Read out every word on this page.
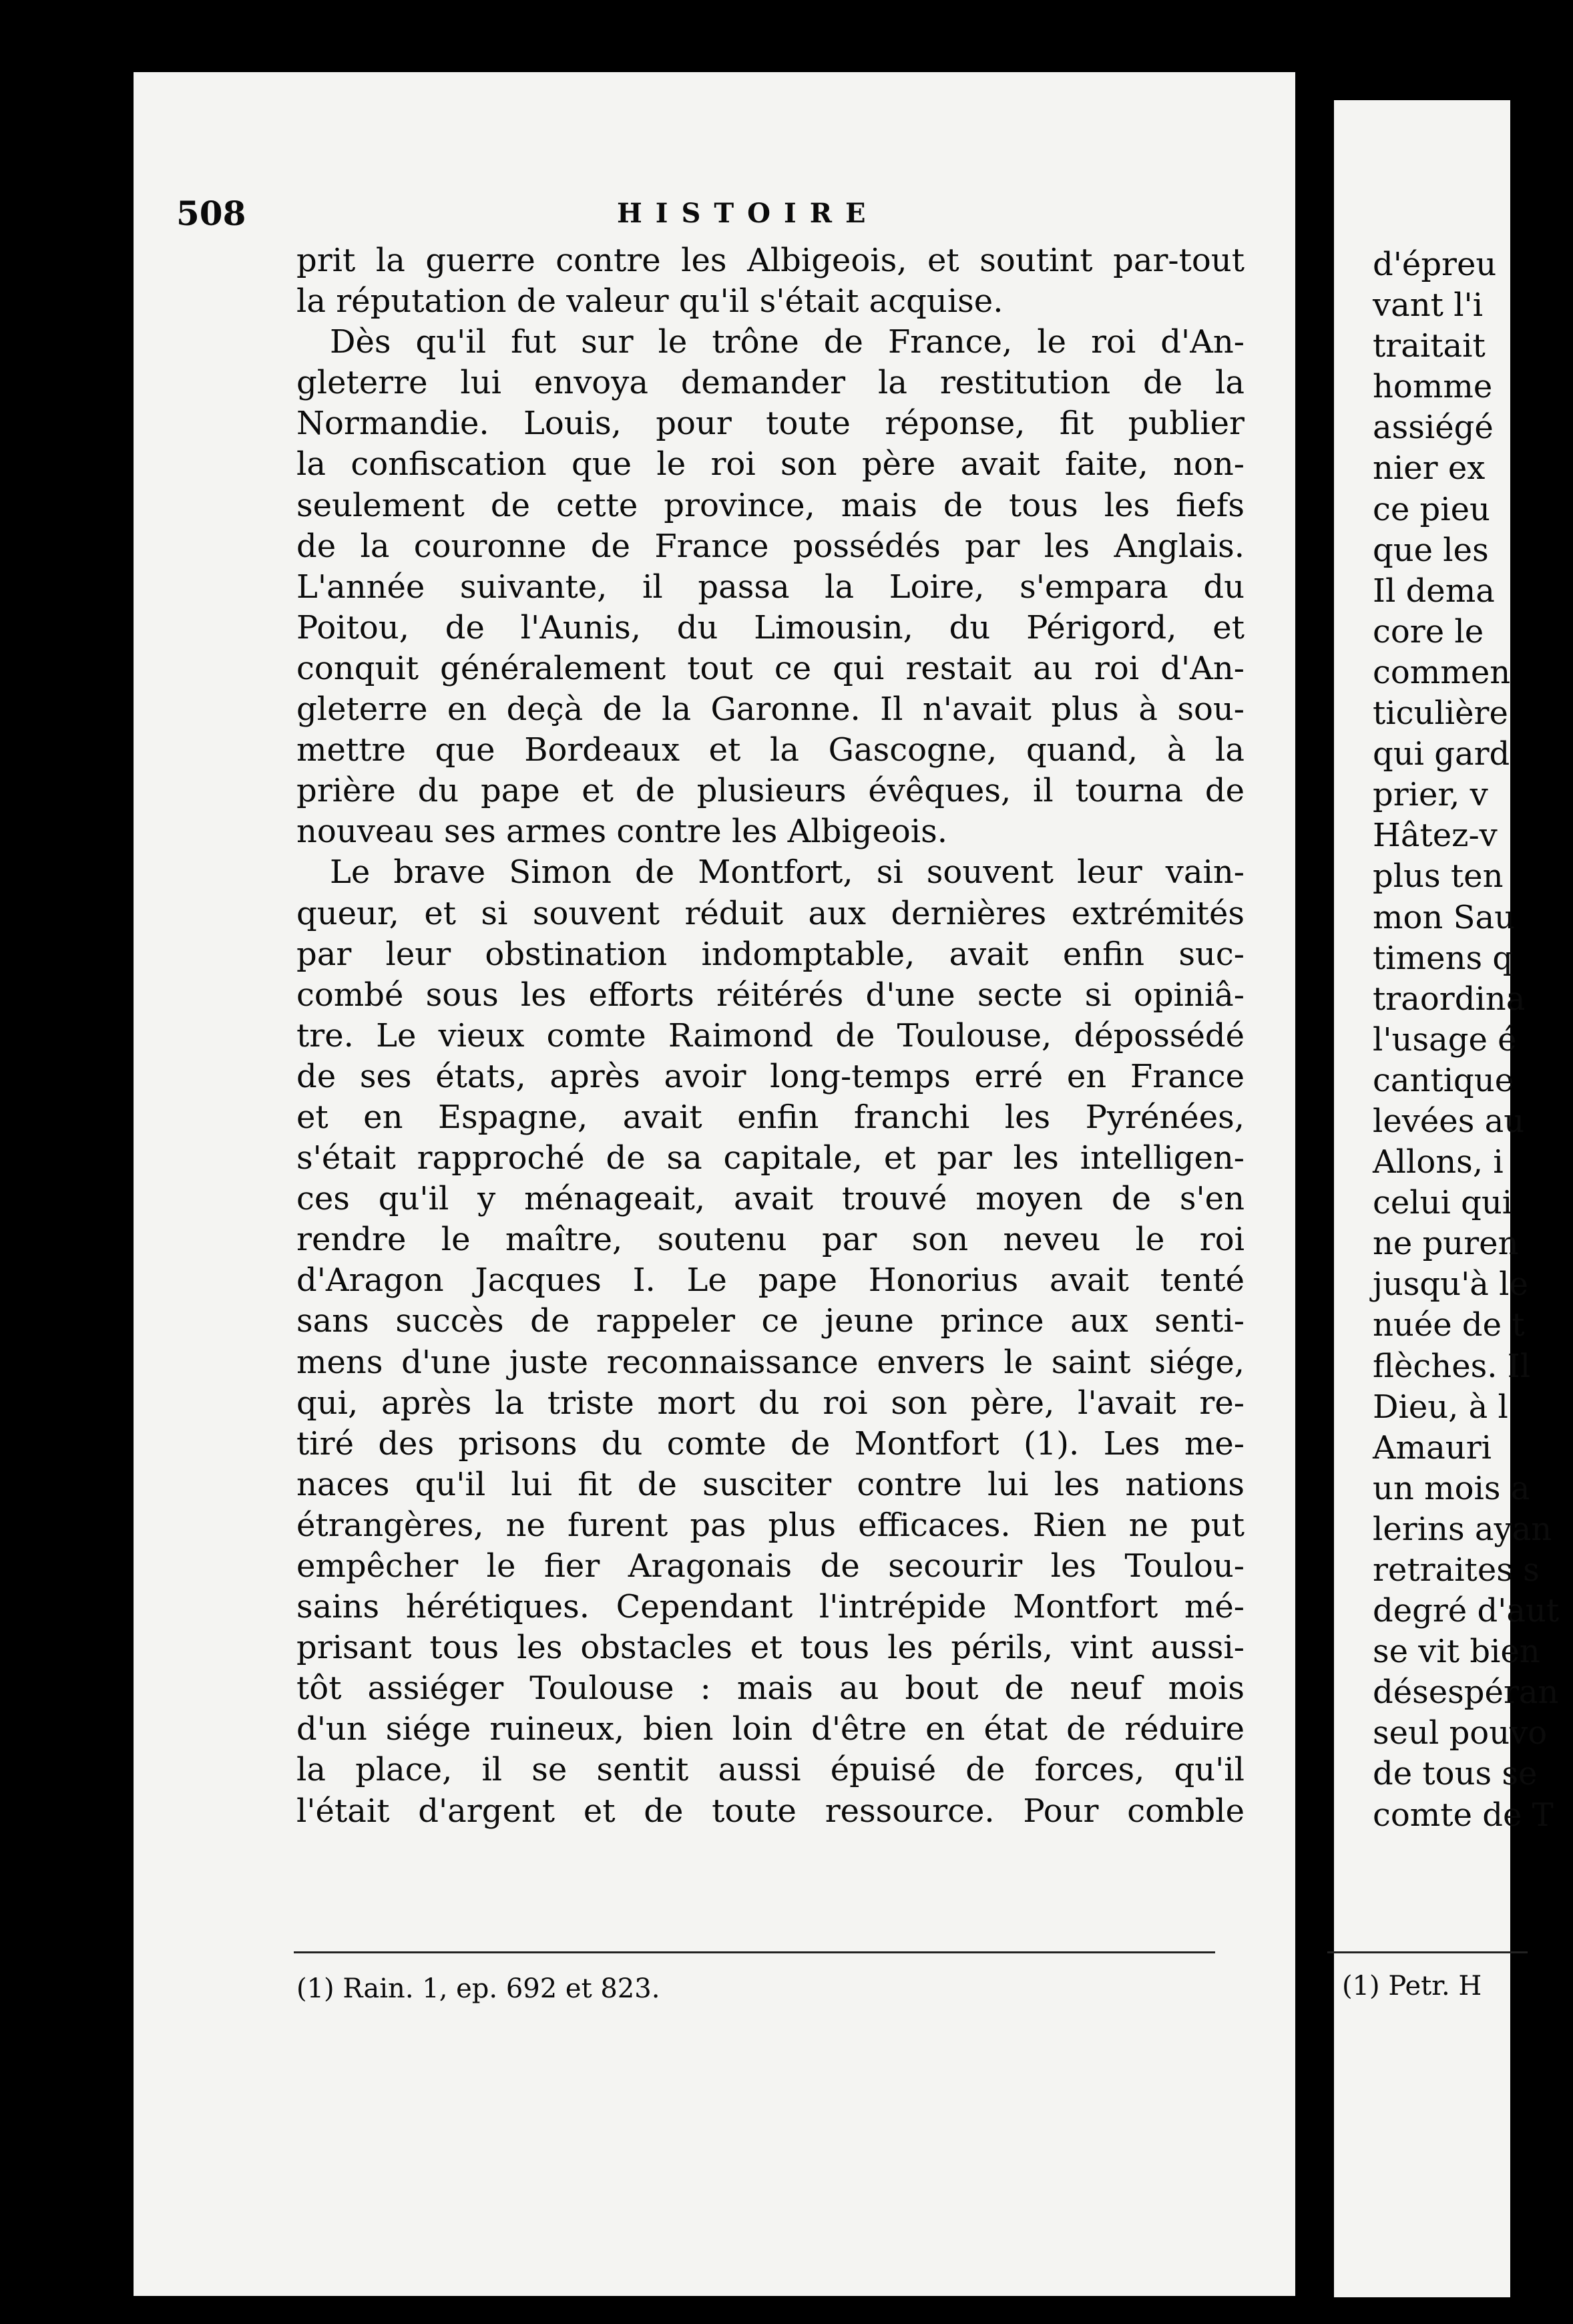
508	HISTOIRE
prit la guerre contre les Albigeois, et soutint par-tout
la réputation de valeur qu'il s'était acquise.
Dès qu'il fut sur le trône de France, le roi d'An-
gleterre lui envoya demander la restitution de la
Normandie. Louis, pour toute réponse, fit publier
la confiscation que le roi son père avait faite, non-
seulement de cette province, mais de tous les fiefs
de la couronne de France possédés par les Anglais.
L'année suivante, il passa la Loire, s'empara du
Poitou, de l'Aunis, du Limousin, du Périgord, et
conquit généralement tout ce qui restait au roi d'An-
gleterre en deçà de la Garonne. Il n'avait plus à sou-
mettre que Bordeaux et la Gascogne, quand, à la
prière du pape et de plusieurs évêques, il tourna de
nouveau ses armes contre les Albigeois.
Le brave Simon de Montfort, si souvent leur vain-
queur, et si souvent réduit aux dernières extrémités
par leur obstination indomptable, avait enfin suc-
combé sous les efforts réitérés d'une secte si opiniâ-
tre. Le vieux comte Raimond de Toulouse, dépossédé
de ses états, après avoir long-temps erré en France
et en Espagne, avait enfin franchi les Pyrénées,
s'était rapproché de sa capitale, et par les intelligen-
ces qu'il y ménageait, avait trouvé moyen de s'en
rendre le maître, soutenu par son neveu le roi
d'Aragon Jacques I. Le pape Honorius avait tenté
sans succès de rappeler ce jeune prince aux senti-
mens d'une juste reconnaissance envers le saint siége,
qui, après la triste mort du roi son père, l'avait re-
tiré des prisons du comte de Montfort (1). Les me-
naces qu'il lui fit de susciter contre lui les nations
étrangères, ne furent pas plus efficaces. Rien ne put
empêcher le fier Aragonais de secourir les Toulou-
sains hérétiques. Cependant l'intrépide Montfort mé-
prisant tous les obstacles et tous les périls, vint aussi-
tôt assiéger Toulouse : mais au bout de neuf mois
d'un siége ruineux, bien loin d'être en état de réduire
la place, il se sentit aussi épuisé de forces, qu'il
l'était d'argent et de toute ressource. Pour comble
(1) Rain. 1, ep. 692 et 823.
d'épreu
vant l'i
traitait
homme
assiégé
nier ex
ce pieu
que les
Il dema
core le
commen
ticulière
qui gard
prier, v
Hâtez-v
plus ten
mon Sau
timens q
traordina
l'usage é
cantique
levées au
Allons, i
celui qui
ne puren
jusqu'à le
nuée de t
flèches. Il
Dieu, à l
Amauri
un mois a
lerins ayan
retraites s
degré d'aut
se vit bien
désespéran
seul pouvo
de tous se
comte de T
(1) Petr. H
